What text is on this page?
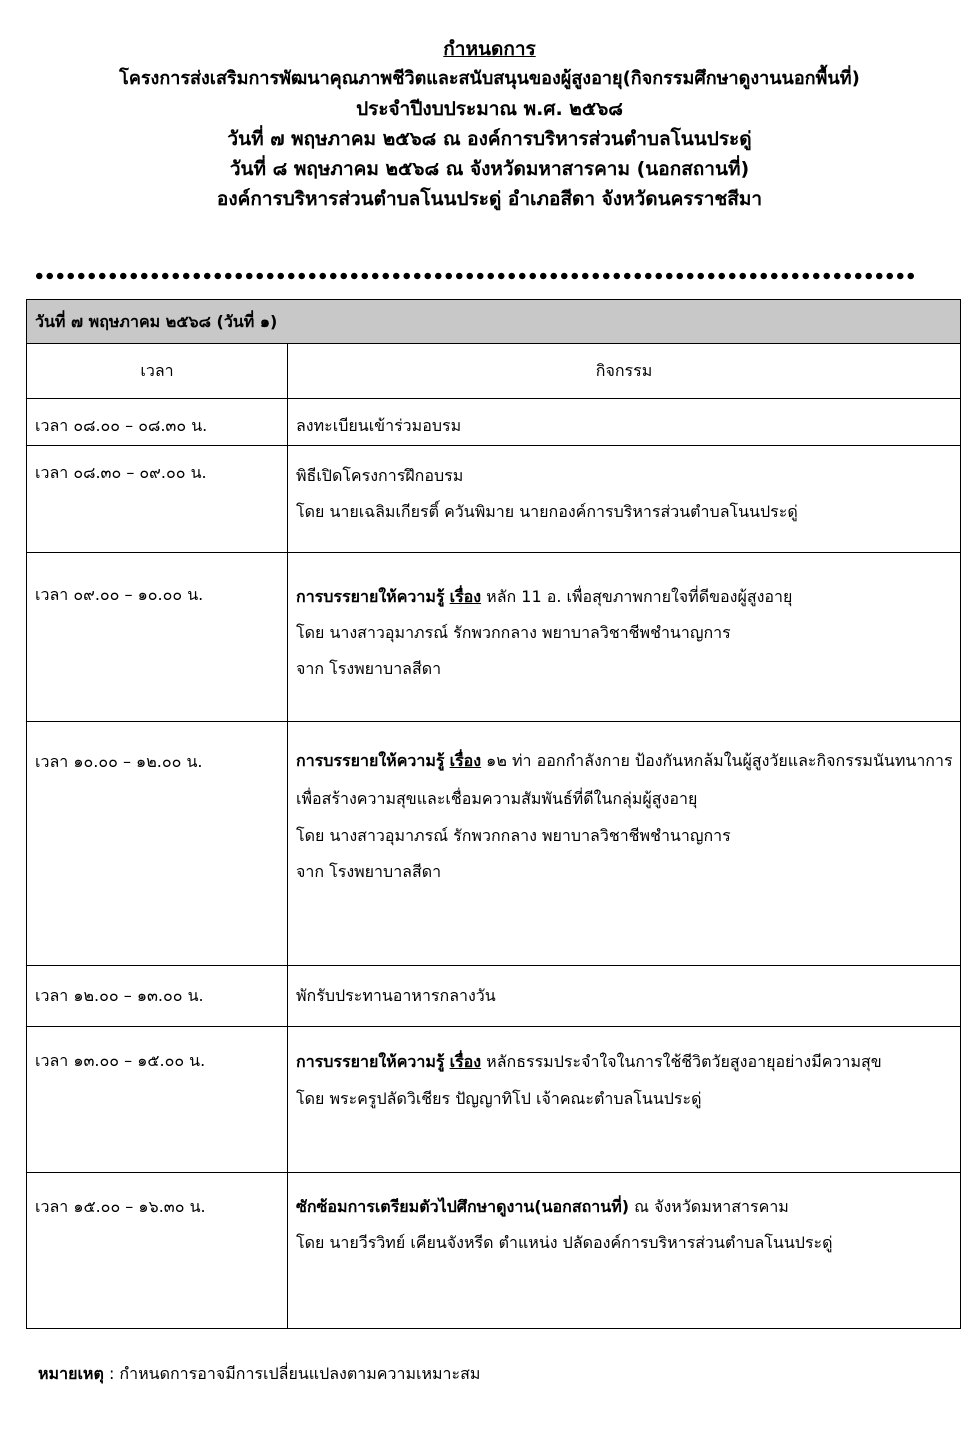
กำหนดการ
โครงการส่งเสริมการพัฒนาคุณภาพชีวิตและสนับสนุนของผู้สูงอายุ(กิจกรรมศึกษาดูงานนอกพื้นที่)
ประจำปีงบประมาณ พ.ศ. ๒๕๖๘
วันที่ ๗ พฤษภาคม ๒๕๖๘ ณ องค์การบริหารส่วนตำบลโนนประดู่
วันที่ ๘ พฤษภาคม ๒๕๖๘ ณ จังหวัดมหาสารคาม (นอกสถานที่)
องค์การบริหารส่วนตำบลโนนประดู่ อำเภอสีดา จังหวัดนครราชสีมา
วันที่ ๗ พฤษภาคม ๒๕๖๘ (วันที่ ๑)	
เวลา	กิจกรรม
เวลา ๐๘.๐๐ – ๐๘.๓๐ น.	ลงทะเบียนเข้าร่วมอบรม

เวลา ๐๘.๓๐ – ๐๙.๐๐ น.	พิธีเปิดโครงการฝึกอบรม
โดย นายเฉลิมเกียรติ์ ควันพิมาย นายกองค์การบริหารส่วนตำบลโนนประดู่

เวลา ๐๙.๐๐ – ๑๐.๐๐ น.	การบรรยายให้ความรู้ เรื่อง หลัก 11 อ. เพื่อสุขภาพกายใจที่ดีของผู้สูงอายุ
โดย นางสาวอุมาภรณ์ รักพวกกลาง พยาบาลวิชาชีพชำนาญการ
จาก โรงพยาบาลสีดา

เวลา ๑๐.๐๐ – ๑๒.๐๐ น.	การบรรยายให้ความรู้ เรื่อง ๑๒ ท่า ออกกำลังกาย ป้องกันหกล้มในผู้สูงวัยและกิจกรรมนันทนาการ เพื่อสร้างความสุขและเชื่อมความสัมพันธ์ที่ดีในกลุ่มผู้สูงอายุ
โดย นางสาวอุมาภรณ์ รักพวกกลาง พยาบาลวิชาชีพชำนาญการ
จาก โรงพยาบาลสีดา

เวลา ๑๒.๐๐ – ๑๓.๐๐ น.	พักรับประทานอาหารกลางวัน

เวลา ๑๓.๐๐ – ๑๕.๐๐ น.	การบรรยายให้ความรู้ เรื่อง หลักธรรมประจำใจในการใช้ชีวิตวัยสูงอายุอย่างมีความสุข
โดย พระครูปลัดวิเชียร ปัญญาทิโป เจ้าคณะตำบลโนนประดู่

เวลา ๑๕.๐๐ – ๑๖.๓๐ น.	ซักซ้อมการเตรียมตัวไปศึกษาดูงาน(นอกสถานที่) ณ จังหวัดมหาสารคาม
โดย นายวีรวิทย์ เคียนจังหรีด ตำแหน่ง ปลัดองค์การบริหารส่วนตำบลโนนประดู่
หมายเหตุ : กำหนดการอาจมีการเปลี่ยนแปลงตามความเหมาะสม
